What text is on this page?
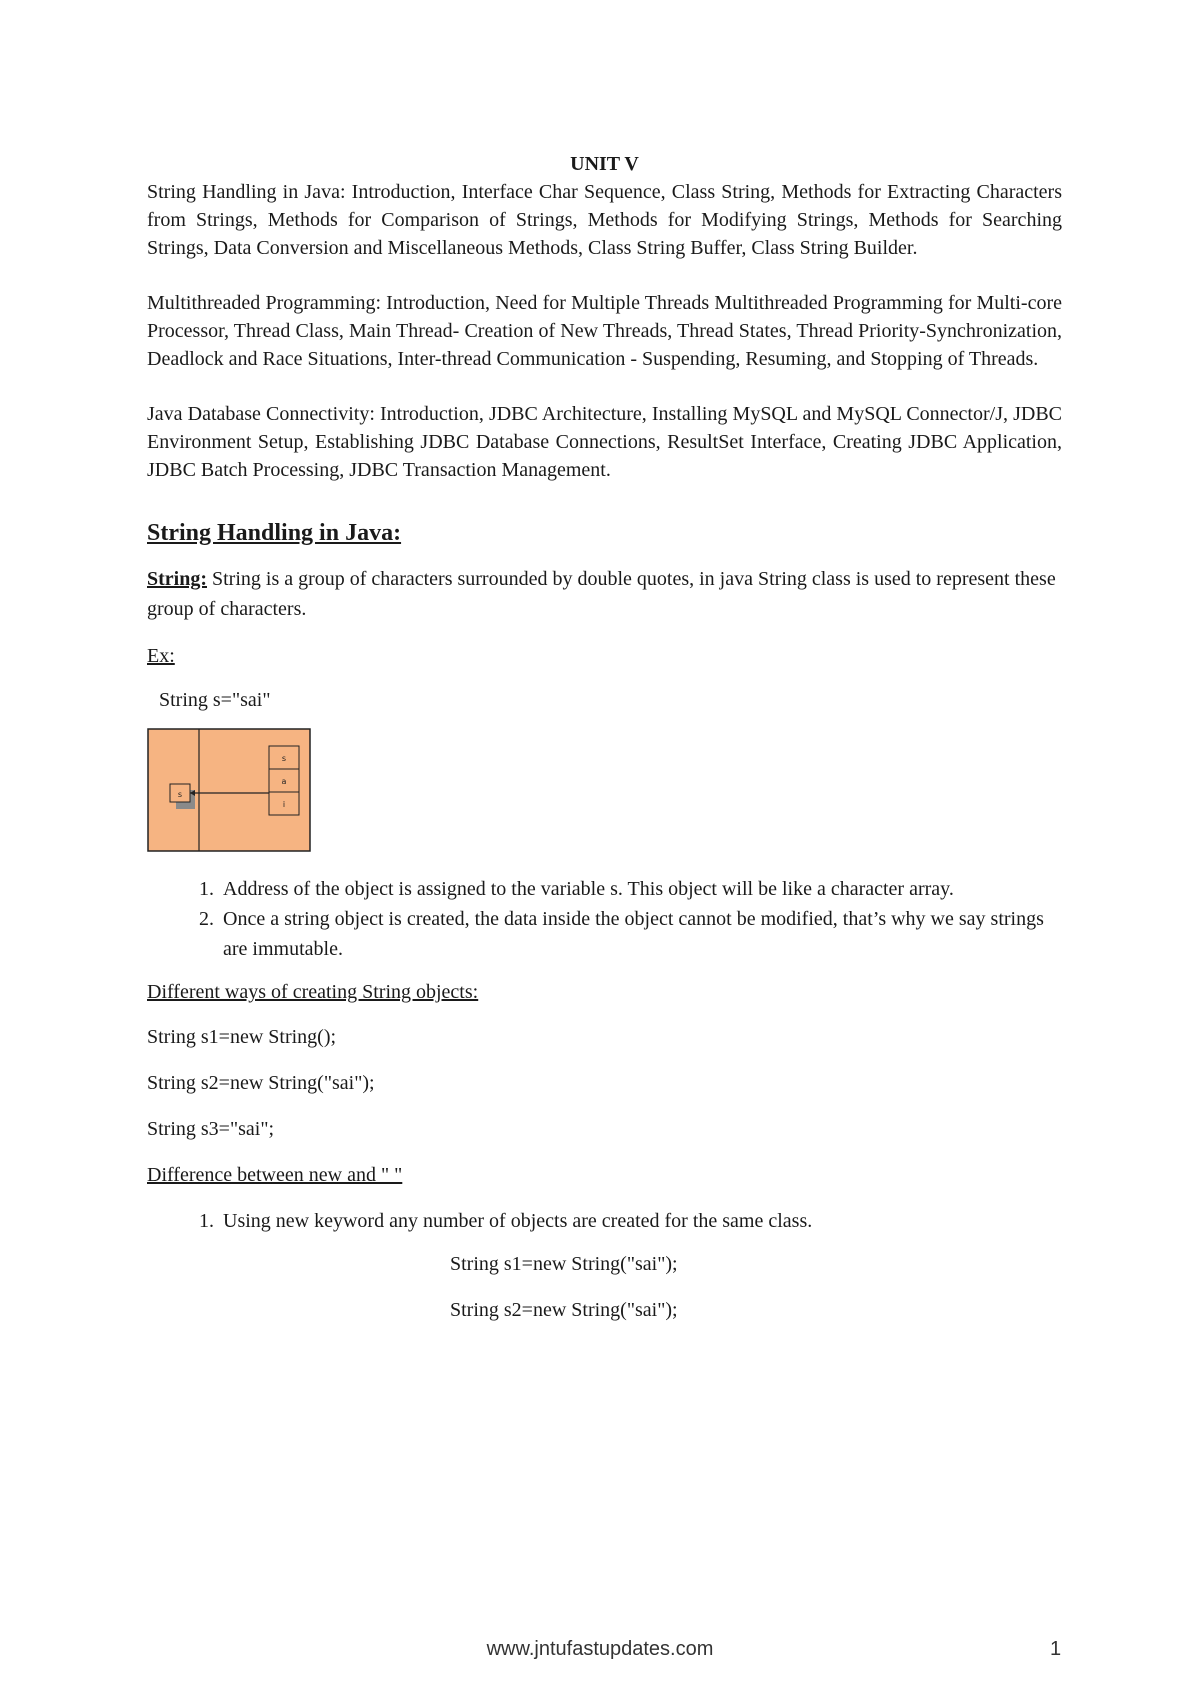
UNIT V

String Handling in Java: Introduction, Interface Char Sequence, Class String, Methods for Extracting Characters from Strings, Methods for Comparison of Strings, Methods for Modifying Strings, Methods for Searching Strings, Data Conversion and Miscellaneous Methods, Class String Buffer, Class String Builder.

Multithreaded Programming: Introduction, Need for Multiple Threads Multithreaded Programming for Multi-core Processor, Thread Class, Main Thread- Creation of New Threads, Thread States, Thread Priority-Synchronization, Deadlock and Race Situations, Inter-thread Communication - Suspending, Resuming, and Stopping of Threads.

Java Database Connectivity: Introduction, JDBC Architecture, Installing MySQL and MySQL Connector/J, JDBC Environment Setup, Establishing JDBC Database Connections, ResultSet Interface, Creating JDBC Application, JDBC Batch Processing, JDBC Transaction Management.

String Handling in Java:

String: String is a group of characters surrounded by double quotes, in java String class is used to represent these group of characters.

Ex:

String s="sai"

s
s
a
i
1. Address of the object is assigned to the variable s. This object will be like a character array.
2. Once a string object is created, the data inside the object cannot be modified, that’s why we say strings are immutable.

Different ways of creating String objects:

String s1=new String();

String s2=new String("sai");

String s3="sai";

Difference between new and " "

1. Using new keyword any number of objects are created for the same class.

String s1=new String("sai");

String s2=new String("sai");

www.jntufastupdates.com	1
